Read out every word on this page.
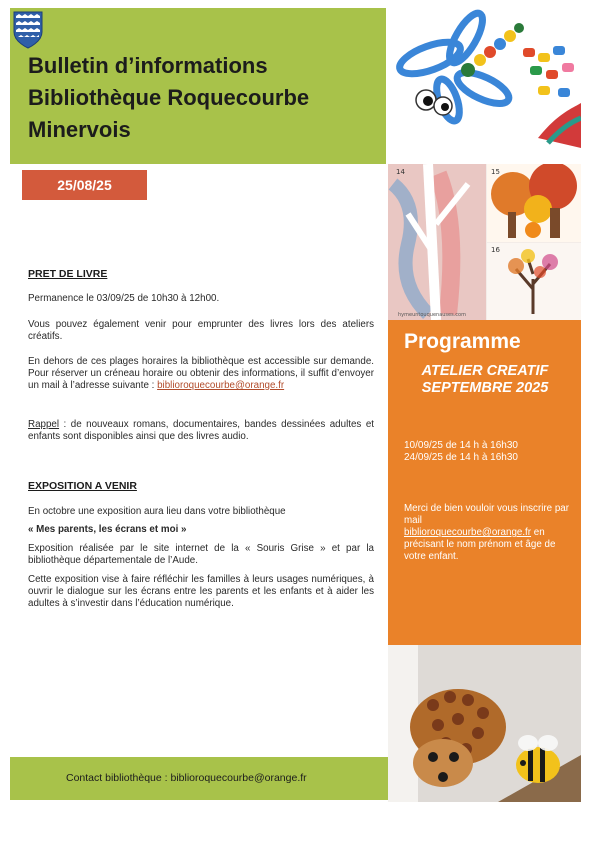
Bulletin d’informations
Bibliothèque Roquecourbe
Minervois
25/08/25
PRET DE LIVRE
Permanence le 03/09/25 de 10h30 à 12h00.
Vous pouvez également venir pour emprunter des livres lors des ateliers créatifs.
En dehors de ces plages horaires la bibliothèque est accessible sur demande. Pour réserver un créneau horaire ou obtenir des informations, il suffit d’envoyer un mail à l’adresse suivante : biblioroquecourbe@orange.fr
Rappel : de nouveaux romans, documentaires, bandes dessinées adultes et enfants sont disponibles ainsi que des livres audio.
EXPOSITION A VENIR
En octobre une exposition aura lieu dans votre bibliothèque
« Mes parents, les écrans et moi »
Exposition réalisée par le site internet de la « Souris Grise » et par la bibliothèque départementale de l’Aude.
Cette exposition vise à faire réfléchir les familles à leurs usages numériques, à ouvrir le dialogue sur les écrans entre les parents et les enfants et à aider les adultes à s’investir dans l’éducation numérique.
Contact bibliothèque : biblioroquecourbe@orange.fr
14
hymeuntouquenauses.com
15
16
Programme
ATELIER CREATIF
SEPTEMBRE 2025
10/09/25 de 14 h à 16h30
24/09/25 de 14 h à 16h30
Merci de bien vouloir vous inscrire par mail
biblioroquecourbe@orange.fr en précisant le nom prénom et âge de votre enfant.
